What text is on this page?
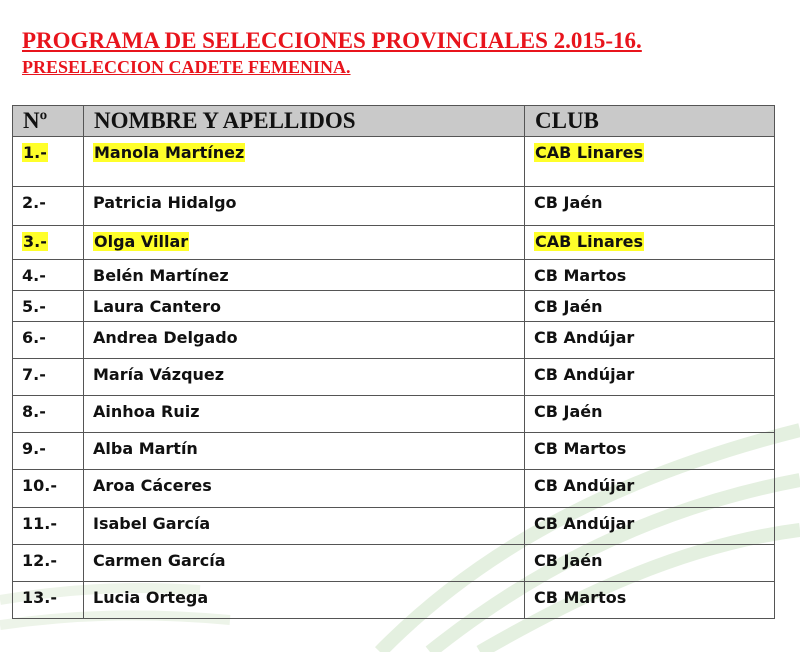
PROGRAMA DE SELECCIONES PROVINCIALES 2.015-16.
PRESELECCION CADETE FEMENINA.
Nº	NOMBRE Y APELLIDOS	CLUB
1.-	Manola Martínez	CAB Linares
2.-	Patricia Hidalgo	CB Jaén
3.-	Olga Villar	CAB Linares
4.-	Belén Martínez	CB Martos
5.-	Laura Cantero	CB Jaén
6.-	Andrea Delgado	CB Andújar
7.-	María Vázquez	CB Andújar
8.-	Ainhoa Ruiz	CB Jaén
9.-	Alba Martín	CB Martos
10.-	Aroa Cáceres	CB Andújar
11.-	Isabel García	CB Andújar
12.-	Carmen García	CB Jaén
13.-	Lucia Ortega	CB Martos
